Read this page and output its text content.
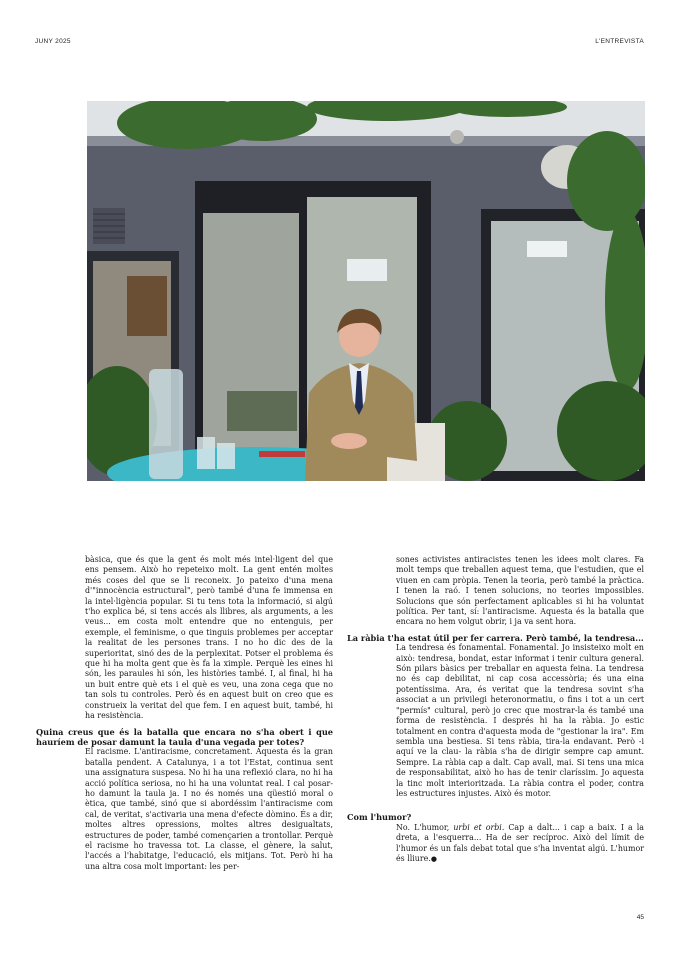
JUNY 2025	L'ENTREVISTA

bàsica, que és que la gent és molt més intel·ligent del que ens pensem. Això ho repeteixo molt. La gent entén moltes més coses del que se li reconeix. Jo pateixo d'una mena d'"innocència estructural", però també d'una fe immensa en la intel·ligència popular. Si tu tens tota la informació, si algú t'ho explica bé, si tens accés als llibres, als arguments, a les veus... em costa molt entendre que no entenguis, per exemple, el feminisme, o que tinguis problemes per acceptar la realitat de les persones trans. I no ho dic des de la superioritat, sinó des de la perplexitat. Potser el problema és que hi ha molta gent que ès fa la ximple. Perquè les eines hi són, les paraules hi són, les històries també. I, al final, hi ha un buit entre què ets i el què es veu, una zona cega que no tan sols tu controles. Però és en aquest buit on creo que es construeix la veritat del que fem. I en aquest buit, també, hi ha resistència.

Quina creus que és la batalla que encara no s'ha obert i que hauríem de posar damunt la taula d'una vegada per totes?

El racisme. L'antiracisme, concretament. Aquesta és la gran batalla pendent. A Catalunya, i a tot l'Estat, continua sent una assignatura suspesa. No hi ha una reflexió clara, no hi ha acció política seriosa, no hi ha una voluntat real. I cal posar-ho damunt la taula ja. I no és només una qüestió moral o ètica, que també, sinó que si abordéssim l'antiracisme com cal, de veritat, s'activaria una mena d'efecte dòmino. És a dir, moltes altres opressions, moltes altres desigualtats, estructures de poder, també començarien a trontollar. Perquè el racisme ho travessa tot. La classe, el gènere, la salut, l'accés a l'habitatge, l'educació, els mitjans. Tot. Però hi ha una altra cosa molt important: les per-

sones activistes antiracistes tenen les idees molt clares. Fa molt temps que treballen aquest tema, que l'estudien, que el viuen en cam pròpia. Tenen la teoria, però també la pràctica. I tenen la raó. I tenen solucions, no teories impossibles. Solucions que són perfectament aplicables si hi ha voluntat política. Per tant, sí: l'antiracisme. Aquesta és la batalla que encara no hem volgut obrir, i ja va sent hora.

La ràbia t'ha estat útil per fer carrera. Però també, la tendresa...

La tendresa és fonamental. Fonamental. Jo insisteixo molt en això: tendresa, bondat, estar informat i tenir cultura general. Són pilars bàsics per treballar en aquesta feina. La tendresa no és cap debilitat, ni cap cosa accessòria; és una eina potentíssima. Ara, és veritat que la tendresa sovint s'ha associat a un privilegi heteronormatiu, o fins i tot a un cert "permís" cultural, però jo crec que mostrar-la és també una forma de resistència. I després hi ha la ràbia. Jo estic totalment en contra d'aquesta moda de "gestionar la ira". Em sembla una bestiesa. Si tens ràbia, tira-la endavant. Però -i aquí ve la clau- la ràbia s'ha de dirigir sempre cap amunt. Sempre. La ràbia cap a dalt. Cap avall, mai. Si tens una mica de responsabilitat, això ho has de tenir claríssim. Jo aquesta la tinc molt interioritzada. La ràbia contra el poder, contra les estructures injustes. Això és motor.

Com l'humor?

No. L'humor, urbi et orbi. Cap a dalt... i cap a baix. I a la dreta, a l'esquerra... Ha de ser recíproc. Això del límit de l'humor és un fals debat total que s'ha inventat algú. L'humor és lliure.●

45
